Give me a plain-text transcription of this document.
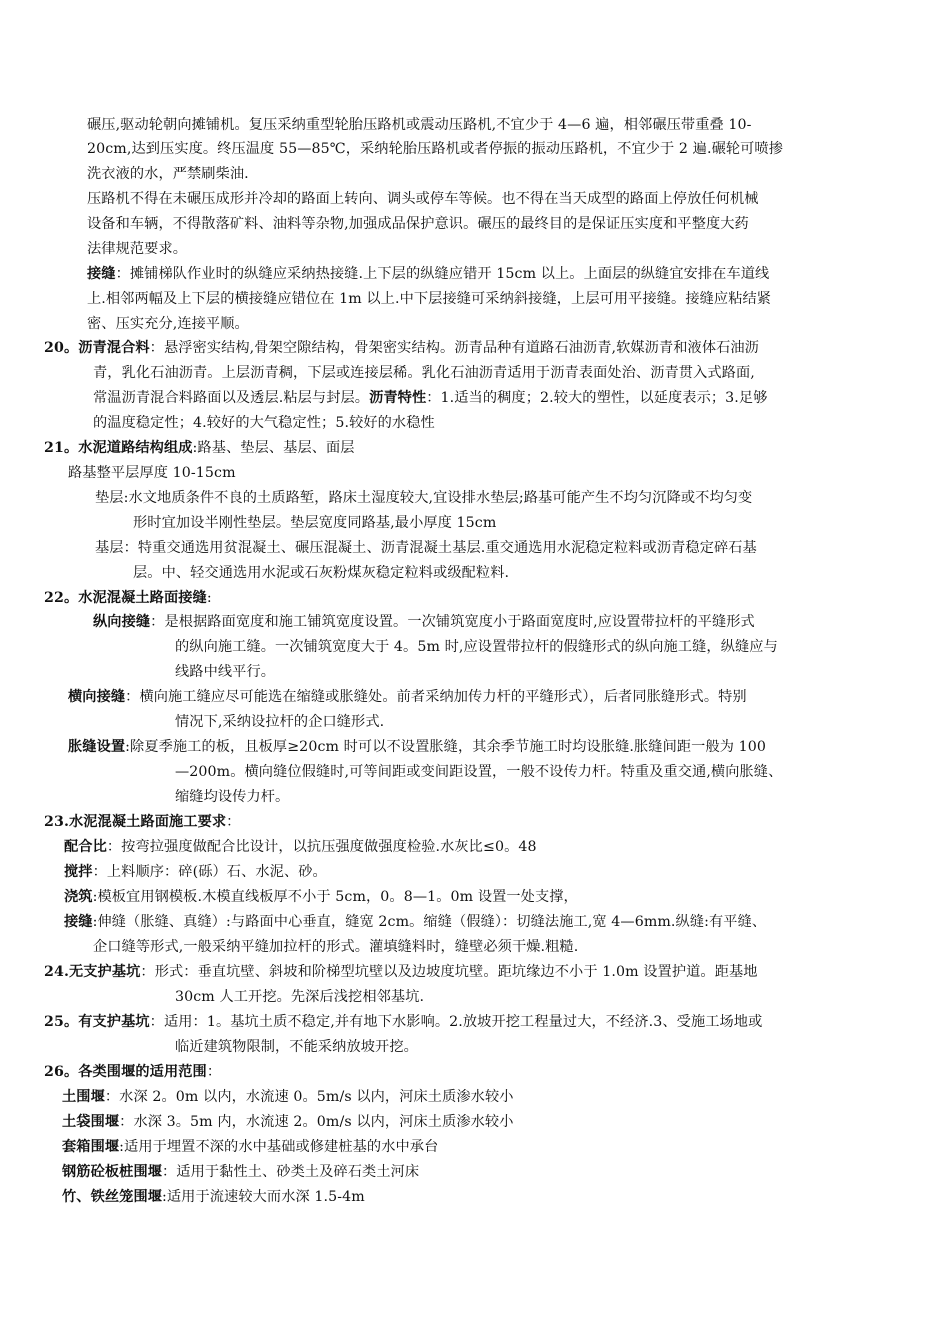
碾压,驱动轮朝向摊铺机。复压采纳重型轮胎压路机或震动压路机,不宜少于 4—6 遍，相邻碾压带重叠 10-
20cm,达到压实度。终压温度 55—85℃，采纳轮胎压路机或者停振的振动压路机，不宜少于 2 遍.碾轮可喷掺
洗衣液的水，严禁刷柴油.
压路机不得在未碾压成形并冷却的路面上转向、调头或停车等候。也不得在当天成型的路面上停放任何机械
设备和车辆，不得散落矿料、油料等杂物,加强成品保护意识。碾压的最终目的是保证压实度和平整度大药
法律规范要求。
接缝：摊铺梯队作业时的纵缝应采纳热接缝.上下层的纵缝应错开 15cm 以上。上面层的纵缝宜安排在车道线
上.相邻两幅及上下层的横接缝应错位在 1m 以上.中下层接缝可采纳斜接缝，上层可用平接缝。接缝应粘结紧
密、压实充分,连接平顺。
20。沥青混合料：悬浮密实结构,骨架空隙结构，骨架密实结构。沥青品种有道路石油沥青,软媒沥青和液体石油沥
青，乳化石油沥青。上层沥青稠，下层或连接层稀。乳化石油沥青适用于沥青表面处治、沥青贯入式路面,
常温沥青混合料路面以及透层.粘层与封层。沥青特性：1.适当的稠度；2.较大的塑性，以延度表示；3.足够
的温度稳定性；4.较好的大气稳定性；5.较好的水稳性
21。水泥道路结构组成:路基、垫层、基层、面层
路基整平层厚度 10-15cm
垫层:水文地质条件不良的土质路堑，路床土湿度较大,宜设排水垫层;路基可能产生不均匀沉降或不均匀变
形时宜加设半刚性垫层。垫层宽度同路基,最小厚度 15cm
基层：特重交通选用贫混凝土、碾压混凝土、沥青混凝土基层.重交通选用水泥稳定粒料或沥青稳定碎石基
层。中、轻交通选用水泥或石灰粉煤灰稳定粒料或级配粒料.
22。水泥混凝土路面接缝:
纵向接缝：是根据路面宽度和施工铺筑宽度设置。一次铺筑宽度小于路面宽度时,应设置带拉杆的平缝形式
的纵向施工缝。一次铺筑宽度大于 4。5m 时,应设置带拉杆的假缝形式的纵向施工缝，纵缝应与
线路中线平行。
横向接缝：横向施工缝应尽可能选在缩缝或胀缝处。前者采纳加传力杆的平缝形式），后者同胀缝形式。特别
情况下,采纳设拉杆的企口缝形式.
胀缝设置:除夏季施工的板，且板厚≥20cm 时可以不设置胀缝，其余季节施工时均设胀缝.胀缝间距一般为 100
—200m。横向缝位假缝时,可等间距或变间距设置，一般不设传力杆。特重及重交通,横向胀缝、
缩缝均设传力杆。
23.水泥混凝土路面施工要求：
配合比：按弯拉强度做配合比设计，以抗压强度做强度检验.水灰比≤0。48
搅拌：上料顺序：碎(砾）石、水泥、砂。
浇筑:模板宜用钢模板.木模直线板厚不小于 5cm，0。8—1。0m 设置一处支撑，
接缝:伸缝（胀缝、真缝）:与路面中心垂直，缝宽 2cm。缩缝（假缝）：切缝法施工,宽 4—6mm.纵缝:有平缝、
企口缝等形式,一般采纳平缝加拉杆的形式。灌填缝料时，缝壁必须干燥.粗糙.
24.无支护基坑：形式：垂直坑壁、斜坡和阶梯型坑壁以及边坡度坑壁。距坑缘边不小于 1.0m 设置护道。距基地
30cm 人工开挖。先深后浅挖相邻基坑.
25。有支护基坑：适用：1。基坑土质不稳定,并有地下水影响。2.放坡开挖工程量过大，不经济.3、受施工场地或
临近建筑物限制，不能采纳放坡开挖。
26。各类围堰的适用范围：
土围堰：水深 2。0m 以内，水流速 0。5m/s 以内，河床土质渗水较小
土袋围堰：水深 3。5m 内，水流速 2。0m/s 以内，河床土质渗水较小
套箱围堰:适用于埋置不深的水中基础或修建桩基的水中承台
钢筋砼板桩围堰：适用于黏性土、砂类土及碎石类土河床
竹、铁丝笼围堰:适用于流速较大而水深 1.5-4m
